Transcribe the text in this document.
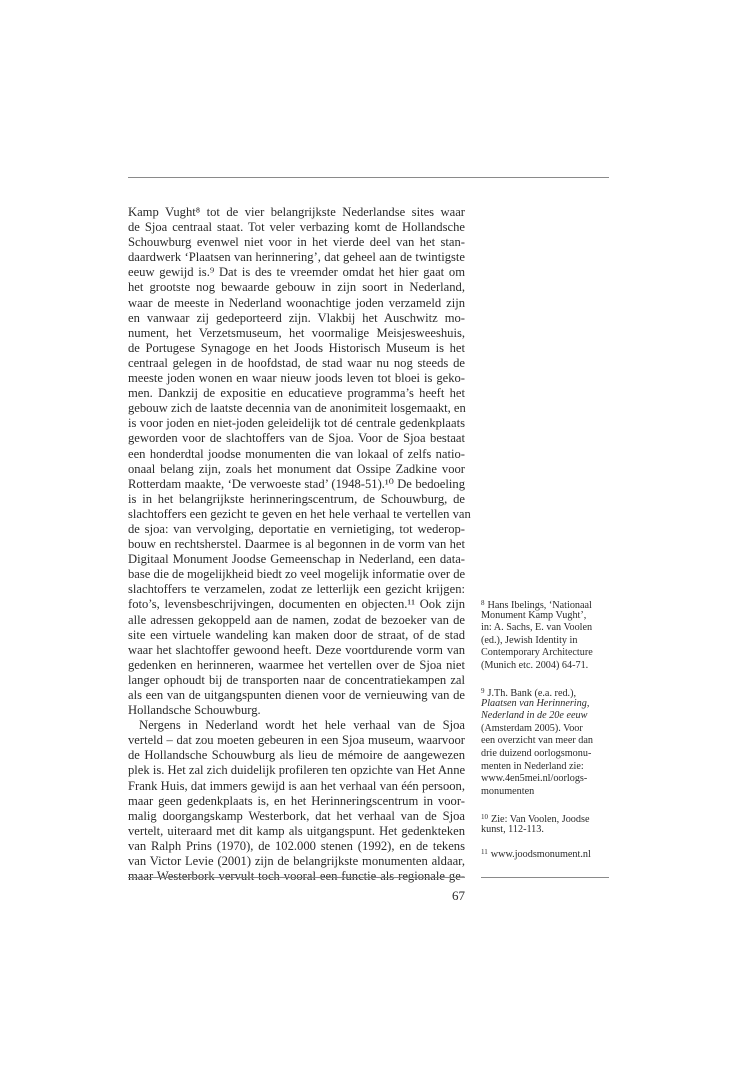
Kamp Vught⁸ tot de vier belangrijkste Nederlandse sites waar
de Sjoa centraal staat. Tot veler verbazing komt de Hollandsche
Schouwburg evenwel niet voor in het vierde deel van het stan-
daardwerk ‘Plaatsen van herinnering’, dat geheel aan de twintigste
eeuw gewijd is.⁹ Dat is des te vreemder omdat het hier gaat om
het grootste nog bewaarde gebouw in zijn soort in Nederland,
waar de meeste in Nederland woonachtige joden verzameld zijn
en vanwaar zij gedeporteerd zijn. Vlakbij het Auschwitz mo-
nument, het Verzetsmuseum, het voormalige Meisjesweeshuis,
de Portugese Synagoge en het Joods Historisch Museum is het
centraal gelegen in de hoofdstad, de stad waar nu nog steeds de
meeste joden wonen en waar nieuw joods leven tot bloei is geko-
men. Dankzij de expositie en educatieve programma’s heeft het
gebouw zich de laatste decennia van de anonimiteit losgemaakt, en
is voor joden en niet-joden geleidelijk tot dé centrale gedenkplaats
geworden voor de slachtoffers van de Sjoa. Voor de Sjoa bestaat
een honderdtal joodse monumenten die van lokaal of zelfs natio-
onaal belang zijn, zoals het monument dat Ossipe Zadkine voor
Rotterdam maakte, ‘De verwoeste stad’ (1948-51).¹⁰ De bedoeling
is in het belangrijkste herinneringscentrum, de Schouwburg, de
slachtoffers een gezicht te geven en het hele verhaal te vertellen van
de sjoa: van vervolging, deportatie en vernietiging, tot wederop-
bouw en rechtsherstel. Daarmee is al begonnen in de vorm van het
Digitaal Monument Joodse Gemeenschap in Nederland, een data-
base die de mogelijkheid biedt zo veel mogelijk informatie over de
slachtoffers te verzamelen, zodat ze letterlijk een gezicht krijgen:
foto’s, levensbeschrijvingen, documenten en objecten.¹¹ Ook zijn
alle adressen gekoppeld aan de namen, zodat de bezoeker van de
site een virtuele wandeling kan maken door de straat, of de stad
waar het slachtoffer gewoond heeft. Deze voortdurende vorm van
gedenken en herinneren, waarmee het vertellen over de Sjoa niet
langer ophoudt bij de transporten naar de concentratiekampen zal
als een van de uitgangspunten dienen voor de vernieuwing van de
Hollandsche Schouwburg.
Nergens in Nederland wordt het hele verhaal van de Sjoa
verteld – dat zou moeten gebeuren in een Sjoa museum, waarvoor
de Hollandsche Schouwburg als lieu de mémoire de aangewezen
plek is. Het zal zich duidelijk profileren ten opzichte van Het Anne
Frank Huis, dat immers gewijd is aan het verhaal van één persoon,
maar geen gedenkplaats is, en het Herinneringscentrum in voor-
malig doorgangskamp Westerbork, dat het verhaal van de Sjoa
vertelt, uiteraard met dit kamp als uitgangspunt. Het gedenkteken
van Ralph Prins (1970), de 102.000 stenen (1992), en de tekens
van Victor Levie (2001) zijn de belangrijkste monumenten aldaar,
$^8$ Hans Ibelings, ‘Nationaal
Monument Kamp Vught’,
in: A. Sachs, E. van Voolen
(ed.), Jewish Identity in
Contemporary Architecture
(Munich etc. 2004) 64-71.
$^9$ J.Th. Bank (e.a. red.),
Plaatsen van Herinnering,
Nederland in de 20e eeuw
(Amsterdam 2005). Voor
een overzicht van meer dan
drie duizend oorlogsmonu-
menten in Nederland zie:
www.4en5mei.nl/oorlogs-
monumenten
$^{10}$ Zie: Van Voolen, Joodse
kunst, 112-113.
$^{11}$ www.joodsmonument.nl
67
